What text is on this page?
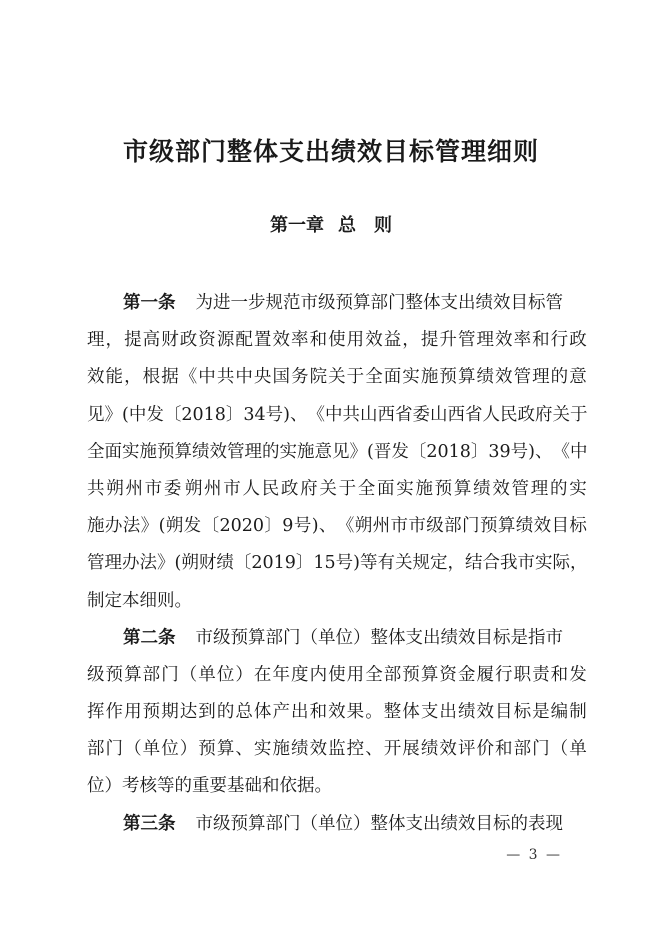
市级部门整体支出绩效目标管理细则
第一章 总　则
第一条 为进一步规范市级预算部门整体支出绩效目标管
理 ， 提 高 财 政 资 源 配 置 效 率 和 使 用 效 益 ， 提 升 管 理 效 率 和 行 政
效 能 ， 根 据 《 中 共 中 央 国 务 院 关 于 全 面 实 施 预 算 绩 效 管 理 的 意
见 》 ( 中 发 〔 2018 〕 34 号 ) 、 《 中 共 山 西 省 委 山 西 省 人 民 政 府 关 于
全 面 实 施 预 算 绩 效 管 理 的 实 施 意 见 》 ( 晋 发 〔 2018 〕 39 号 ) 、 《 中
共 朔 州 市 委 朔 州 市 人 民 政 府 关 于 全 面 实 施 预 算 绩 效 管 理 的 实
施 办 法 》 ( 朔 发 〔 2020 〕 9 号 ) 、 《 朔 州 市 市 级 部 门 预 算 绩 效 目 标
管 理 办 法 》 ( 朔 财 绩 〔 2019 〕 15 号 ) 等 有 关 规 定 ， 结 合 我 市 实 际 ，
制定本细则。
第二条 市级预算部门（单位）整体支出绩效目标是指市
级 预 算 部 门 （ 单 位 ） 在 年 度 内 使 用 全 部 预 算 资 金 履 行 职 责 和 发
挥 作 用 预 期 达 到 的 总 体 产 出 和 效 果 。 整 体 支 出 绩 效 目 标 是 编 制
部 门 （ 单 位 ） 预 算 、 实 施 绩 效 监 控 、 开 展 绩 效 评 价 和 部 门 （ 单
位）考核等的重要基础和依据。
第三条 市级预算部门（单位）整体支出绩效目标的表现
— 3 —
